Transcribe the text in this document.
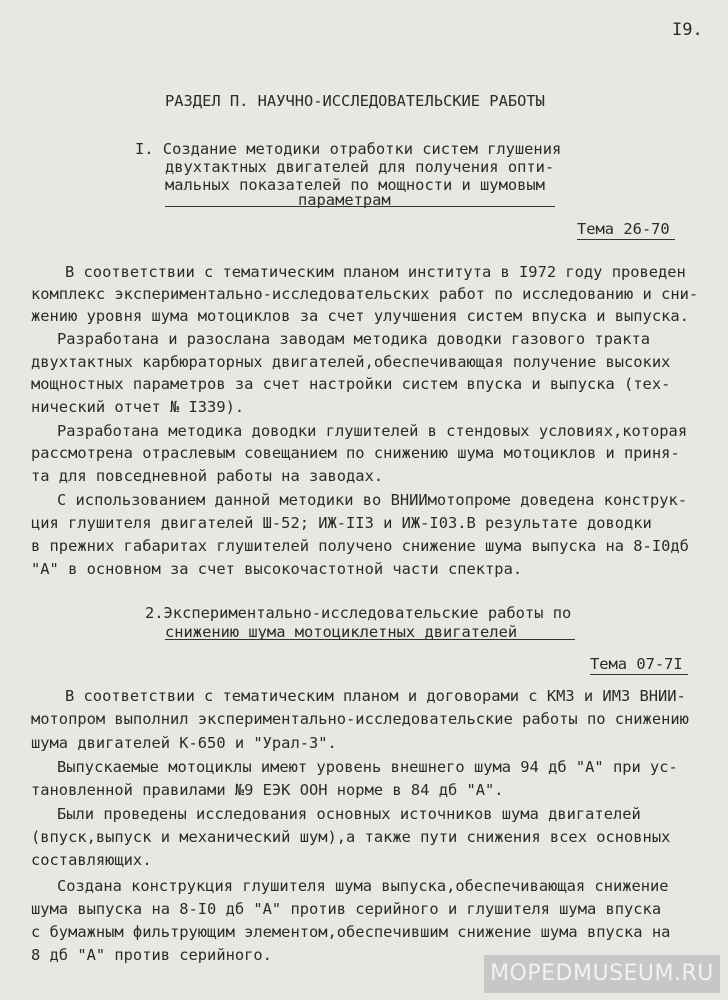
I9.
РАЗДЕЛ П. НАУЧНО-ИССЛЕДОВАТЕЛЬСКИЕ РАБОТЫ
I. Создание методики отработки систем глушения
двухтактных двигателей для получения опти-
мальных показателей по мощности и шумовым
параметрам
Тема 26-70
В соответствии с тематическим планом института в I972 году проведен
комплекс экспериментально-исследовательских работ по исследованию и сни-
жению уровня шума мотоциклов за счет улучшения систем впуска и выпуска.
Разработана и разослана заводам методика доводки газового тракта
двухтактных карбюраторных двигателей,обеспечивающая получение высоких
мощностных параметров за счет настройки систем впуска и выпуска (тех-
нический отчет № I339).
Разработана методика доводки глушителей в стендовых условиях,которая
рассмотрена отраслевым совещанием по снижению шума мотоциклов и приня-
та для повседневной работы на заводах.
С использованием данной методики во ВНИИмотопроме доведена конструк-
ция глушителя двигателей Ш-52; ИЖ-II3 и ИЖ-I03.В результате доводки
в прежних габаритах глушителей получено снижение шума выпуска на 8-I0дб
"А" в основном за счет высокочастотной части спектра.
2.Экспериментально-исследовательские работы по
снижению шума мотоциклетных двигателей
Тема 07-7I
В соответствии с тематическим планом и договорами с КМЗ и ИМЗ ВНИИ-
мотопром выполнил экспериментально-исследовательские работы по снижению
шума двигателей К-650 и "Урал-3".
Выпускаемые мотоциклы имеют уровень внешнего шума 94 дб "А" при ус-
тановленной правилами №9 ЕЭК ООН норме в 84 дб "А".
Были проведены исследования основных источников шума двигателей
(впуск,выпуск и механический шум),а также пути снижения всех основных
составляющих.
Создана конструкция глушителя шума выпуска,обеспечивающая снижение
шума выпуска на 8-I0 дб "А" против серийного и глушителя шума впуска
с бумажным фильтрующим элементом,обеспечившим снижение шума впуска на
8 дб "А" против серийного.
MOPEDMUSEUM.RU
